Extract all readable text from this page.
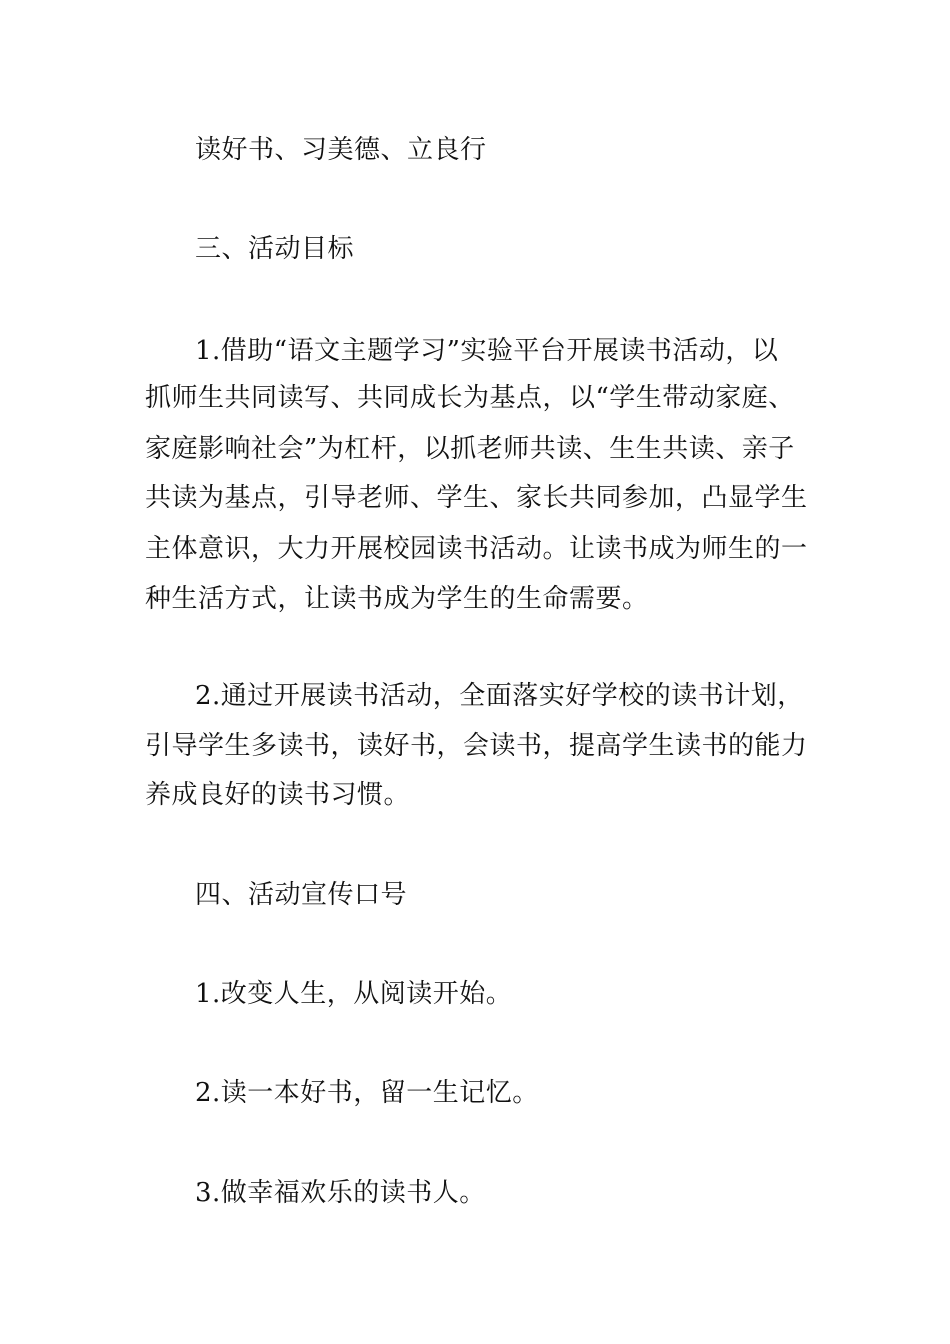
读好书、习美德、立良行
三、活动目标
1.借助“语文主题学习”实验平台开展读书活动，以
抓师生共同读写、共同成长为基点，以“学生带动家庭、
家庭影响社会”为杠杆，以抓老师共读、生生共读、亲子
共读为基点，引导老师、学生、家长共同参加，凸显学生
主体意识，大力开展校园读书活动。让读书成为师生的一
种生活方式，让读书成为学生的生命需要。
2.通过开展读书活动，全面落实好学校的读书计划，
引导学生多读书，读好书，会读书，提高学生读书的能力
养成良好的读书习惯。
四、活动宣传口号
1.改变人生，从阅读开始。
2.读一本好书，留一生记忆。
3.做幸福欢乐的读书人。
